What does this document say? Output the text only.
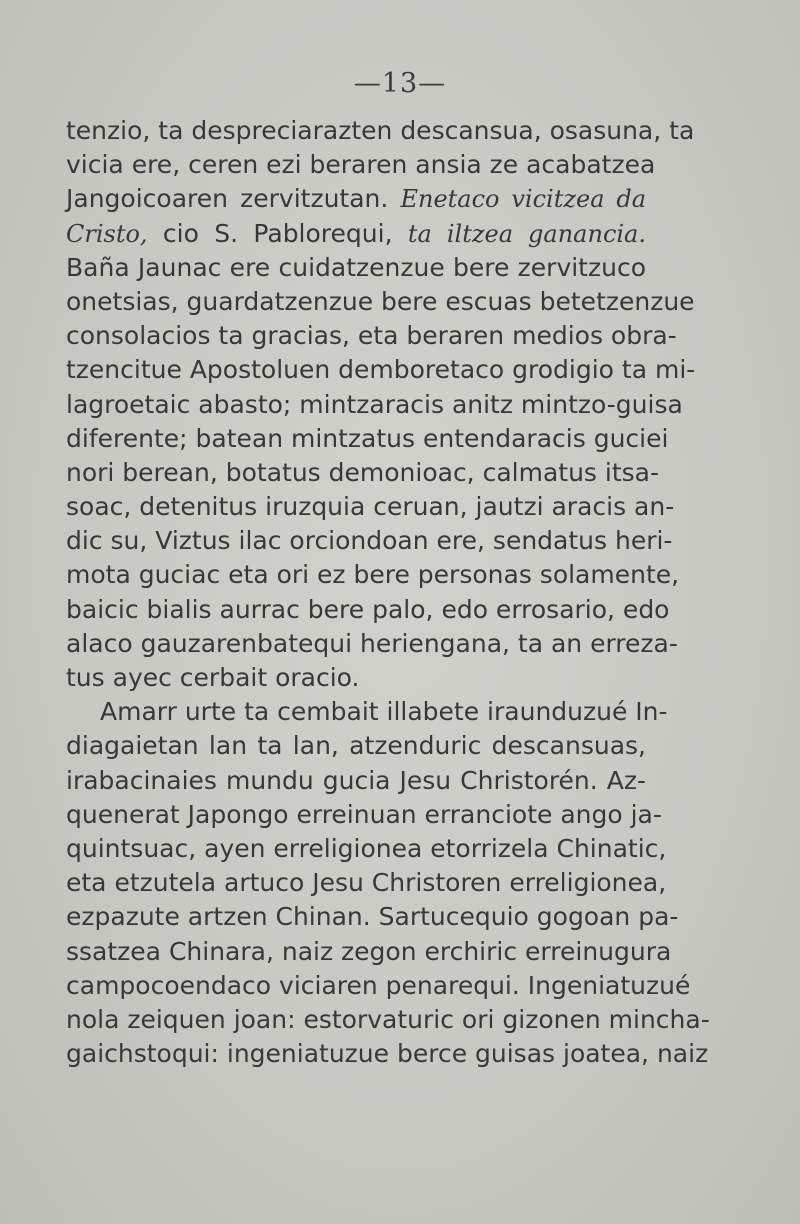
—13—
tenzio, ta despreciarazten descansua, osasuna, ta
vicia ere, ceren ezi beraren ansia ze acabatzea
Jangoicoaren zervitzutan. Enetaco vicitzea da
Cristo, cio S. Pablorequi, ta iltzea ganancia.
Baña Jaunac ere cuidatzenzue bere zervitzuco
onetsias, guardatzenzue bere escuas betetzenzue
consolacios ta gracias, eta beraren medios obra-
tzencitue Apostoluen demboretaco grodigio ta mi-
lagroetaic abasto; mintzaracis anitz mintzo-guisa
diferente; batean mintzatus entendaracis guciei
nori berean, botatus demonioac, calmatus itsa-
soac, detenitus iruzquia ceruan, jautzi aracis an-
dic su, Viztus ilac orciondoan ere, sendatus heri-
mota guciac eta ori ez bere personas solamente,
baicic bialis aurrac bere palo, edo errosario, edo
alaco gauzarenbatequi heriengana, ta an erreza-
tus ayec cerbait oracio.
Amarr urte ta cembait illabete iraunduzué In-
diagaietan lan ta lan, atzenduric descansuas,
irabacinaies mundu gucia Jesu Christorén. Az-
quenerat Japongo erreinuan erranciote ango ja-
quintsuac, ayen erreligionea etorrizela Chinatic,
eta etzutela artuco Jesu Christoren erreligionea,
ezpazute artzen Chinan. Sartucequio gogoan pa-
ssatzea Chinara, naiz zegon erchiric erreinugura
campocoendaco viciaren penarequi. Ingeniatuzué
nola zeiquen joan: estorvaturic ori gizonen mincha-
gaichstoqui: ingeniatuzue berce guisas joatea, naiz
